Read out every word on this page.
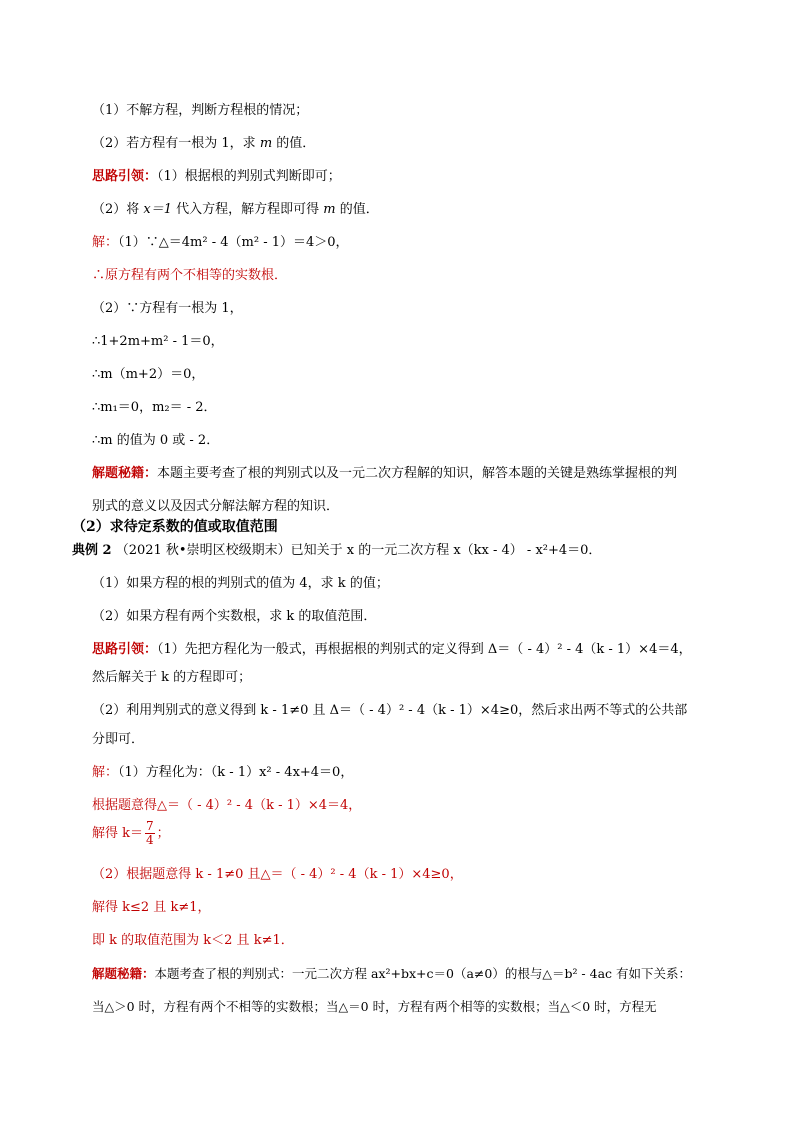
（1）不解方程，判断方程根的情况；
（2）若方程有一根为 1，求 m 的值．
思路引领：（1）根据根的判别式判断即可；
（2）将 x＝1 代入方程，解方程即可得 m 的值．
解：（1）∵△＝4m² - 4（m² - 1）＝4＞0，
∴原方程有两个不相等的实数根．
（2）∵方程有一根为 1，
∴1+2m+m² - 1＝0，
∴m（m+2）＝0，
∴m₁＝0，m₂＝ - 2．
∴m 的值为 0 或 - 2．
解题秘籍：本题主要考查了根的判别式以及一元二次方程解的知识，解答本题的关键是熟练掌握根的判
别式的意义以及因式分解法解方程的知识．
（2）求待定系数的值或取值范围
典例 2 （2021 秋•崇明区校级期末）已知关于 x 的一元二次方程 x（kx - 4） - x²+4＝0．
（1）如果方程的根的判别式的值为 4，求 k 的值；
（2）如果方程有两个实数根，求 k 的取值范围．
思路引领：（1）先把方程化为一般式，再根据根的判别式的定义得到 Δ＝（ - 4）² - 4（k - 1）×4＝4，
然后解关于 k 的方程即可；
（2）利用判别式的意义得到 k - 1≠0 且 Δ＝（ - 4）² - 4（k - 1）×4≥0，然后求出两不等式的公共部
分即可．
解：（1）方程化为：（k - 1）x² - 4x+4＝0，
根据题意得△＝（ - 4）² - 4（k - 1）×4＝4，
解得 $k= \frac{7}{4}$ ；
（2）根据题意得 k - 1≠0 且△＝（ - 4）² - 4（k - 1）×4≥0，
解得 k≤2 且 k≠1，
即 k 的取值范围为 k＜2 且 k≠1．
解题秘籍：本题考查了根的判别式：一元二次方程 ax²+bx+c＝0（a≠0）的根与△＝b² - 4ac 有如下关系：
当△＞0 时，方程有两个不相等的实数根；当△＝0 时，方程有两个相等的实数根；当△＜0 时，方程无
